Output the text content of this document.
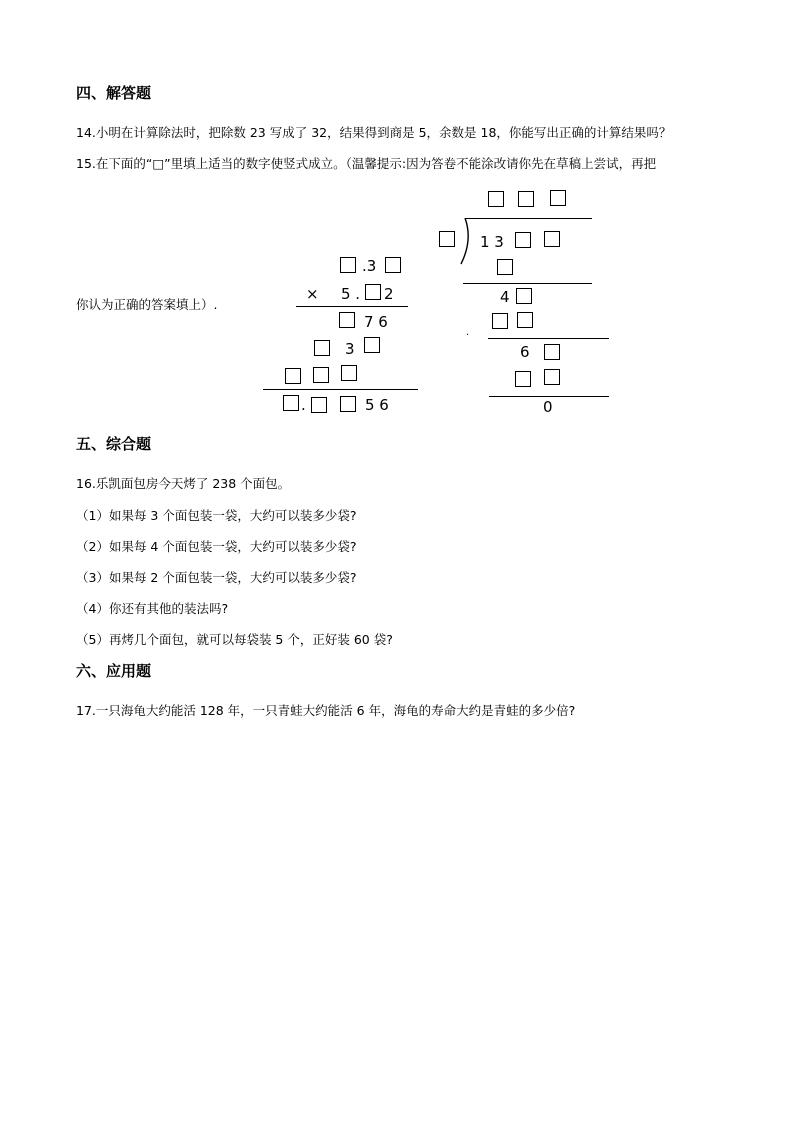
四、解答题
14.小明在计算除法时，把除数 23 写成了 32，结果得到商是 5，余数是 18，你能写出正确的计算结果吗？
15.在下面的“□”里填上适当的数字使竖式成立。（温馨提示:因为答卷不能涂改请你先在草稿上尝试，再把
你认为正确的答案填上）.
.3
× 5 . 2
7 6
3
.	5 6
1 3
4
·
6
0
五、综合题
16.乐凯面包房今天烤了 238 个面包。
（1）如果每 3 个面包装一袋，大约可以装多少袋?
（2）如果每 4 个面包装一袋，大约可以装多少袋?
（3）如果每 2 个面包装一袋，大约可以装多少袋?
（4）你还有其他的装法吗?
（5）再烤几个面包，就可以每袋装 5 个，正好装 60 袋?
六、应用题
17.一只海龟大约能活 128 年，一只青蛙大约能活 6 年，海龟的寿命大约是青蛙的多少倍?
